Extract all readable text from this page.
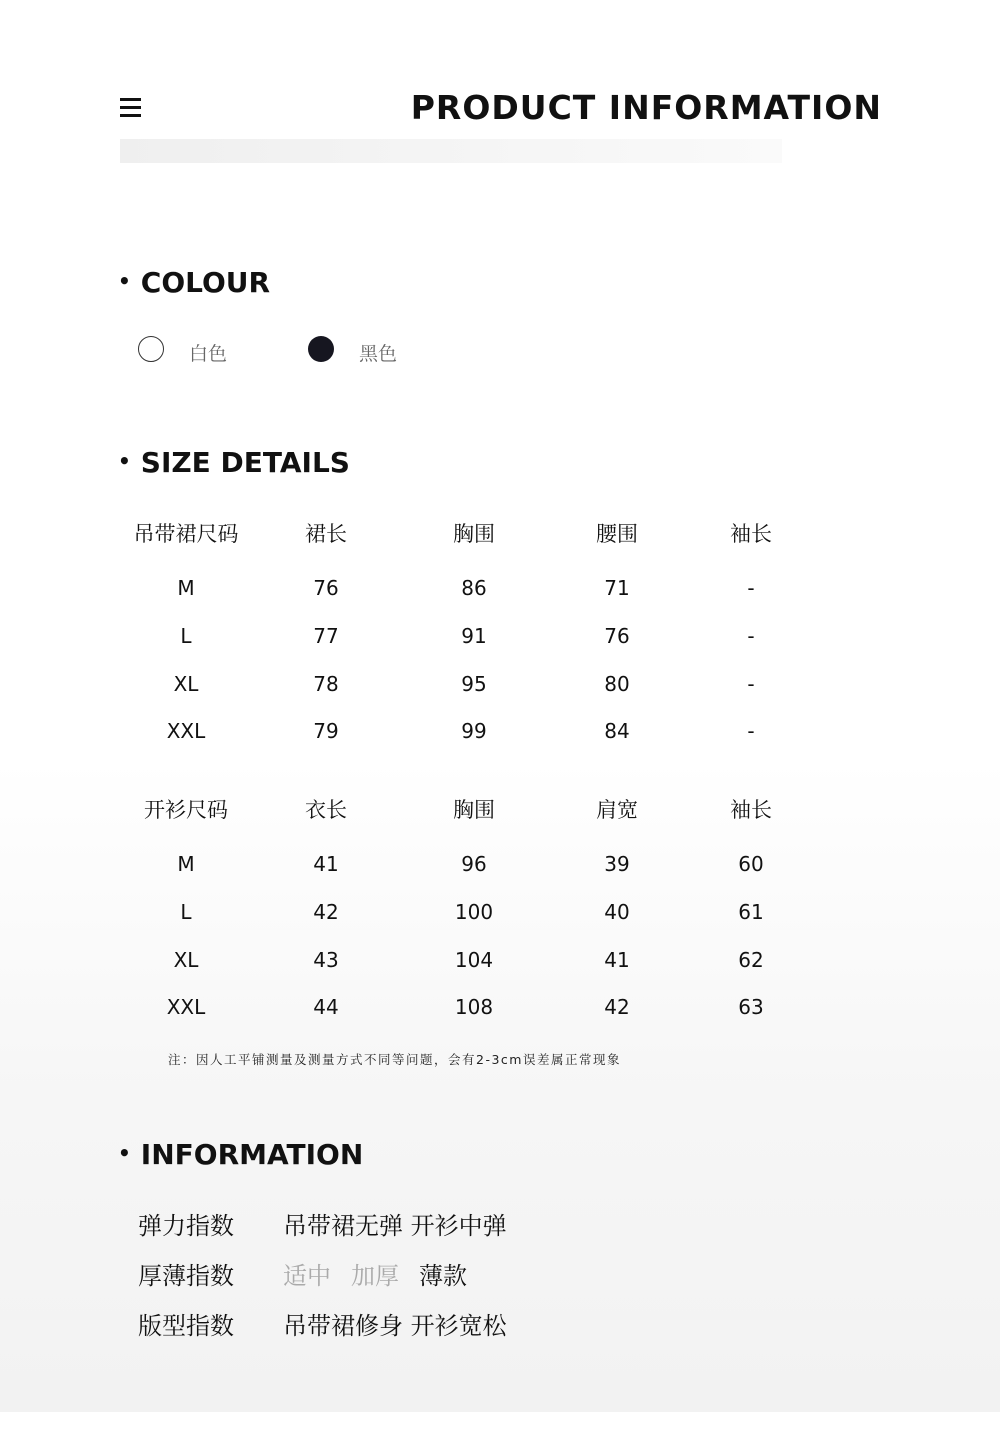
PRODUCT INFORMATION
• COLOUR
白色	黑色
• SIZE DETAILS
吊带裙尺码	裙长	胸围	腰围	袖长
M	76	86	71	-
L	77	91	76	-
XL	78	95	80	-
XXL	79	99	84	-
开衫尺码	衣长	胸围	肩宽	袖长
M	41	96	39	60
L	42	100	40	61
XL	43	104	41	62
XXL	44	108	42	63
注：因人工平铺测量及测量方式不同等问题，会有2-3cm误差属正常现象
• INFORMATION
弹力指数 吊带裙无弹 开衫中弹
厚薄指数 适中 加厚 薄款
版型指数 吊带裙修身 开衫宽松
